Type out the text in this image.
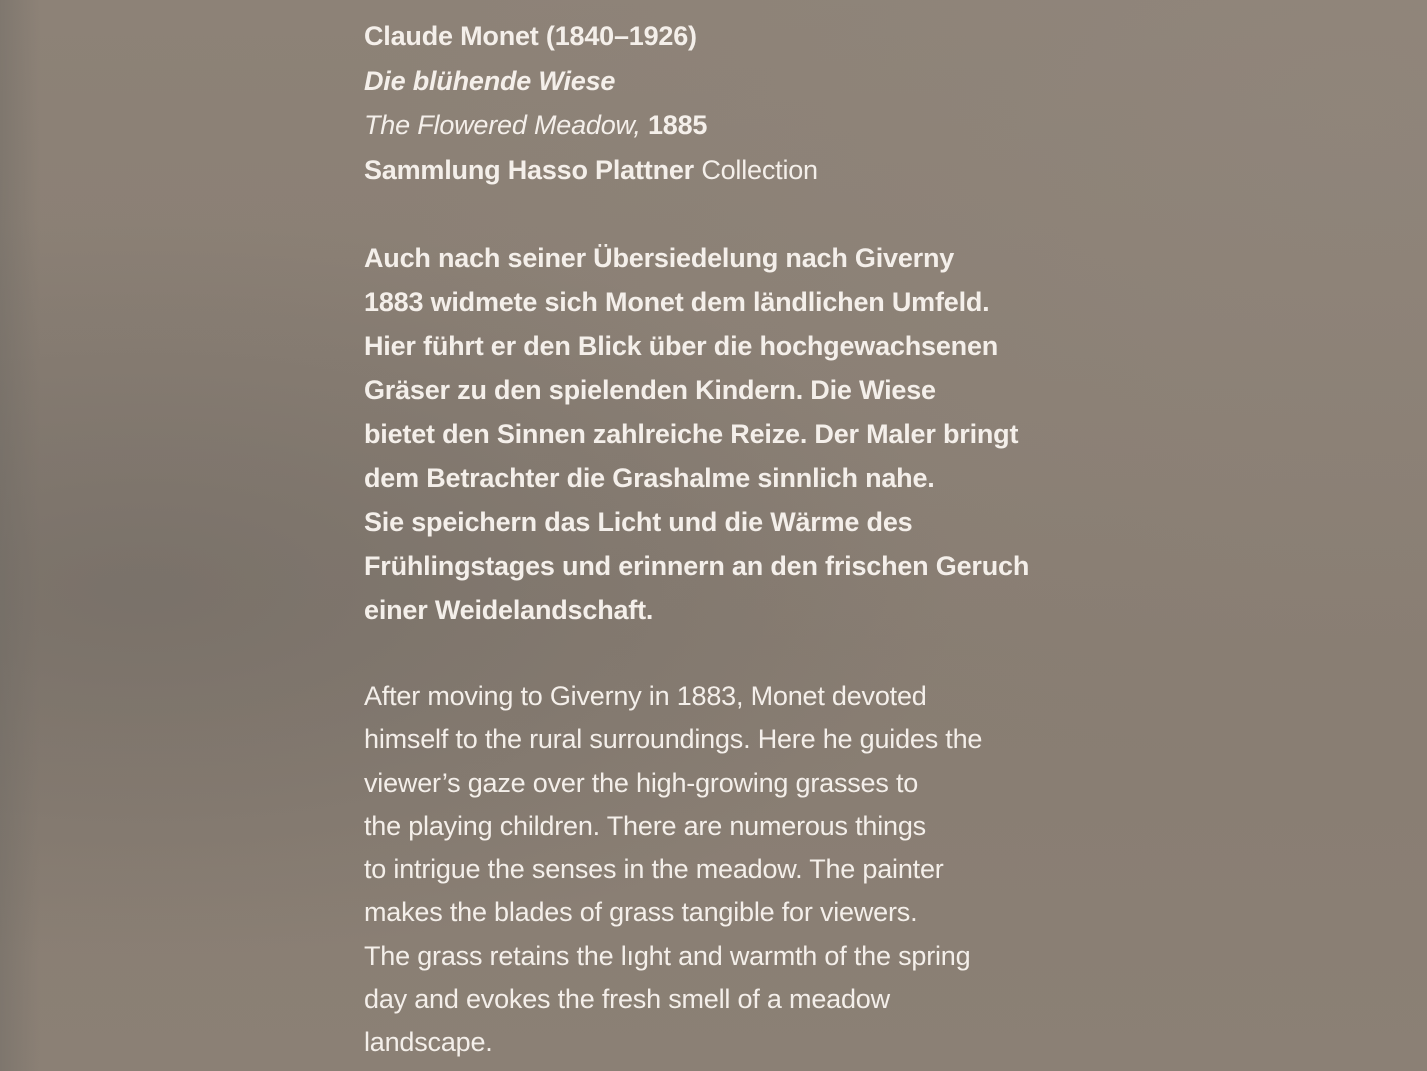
Claude Monet (1840–1926)
Die blühende Wiese
The Flowered Meadow, 1885
Sammlung Hasso Plattner Collection
Auch nach seiner Übersiedelung nach Giverny
1883 widmete sich Monet dem ländlichen Umfeld.
Hier führt er den Blick über die hochgewachsenen
Gräser zu den spielenden Kindern. Die Wiese
bietet den Sinnen zahlreiche Reize. Der Maler bringt
dem Betrachter die Grashalme sinnlich nahe.
Sie speichern das Licht und die Wärme des
Frühlingstages und erinnern an den frischen Geruch
einer Weidelandschaft.
After moving to Giverny in 1883, Monet devoted
himself to the rural surroundings. Here he guides the
viewer’s gaze over the high-growing grasses to
the playing children. There are numerous things
to intrigue the senses in the meadow. The painter
makes the blades of grass tangible for viewers.
The grass retains the lıght and warmth of the spring
day and evokes the fresh smell of a meadow
landscape.
